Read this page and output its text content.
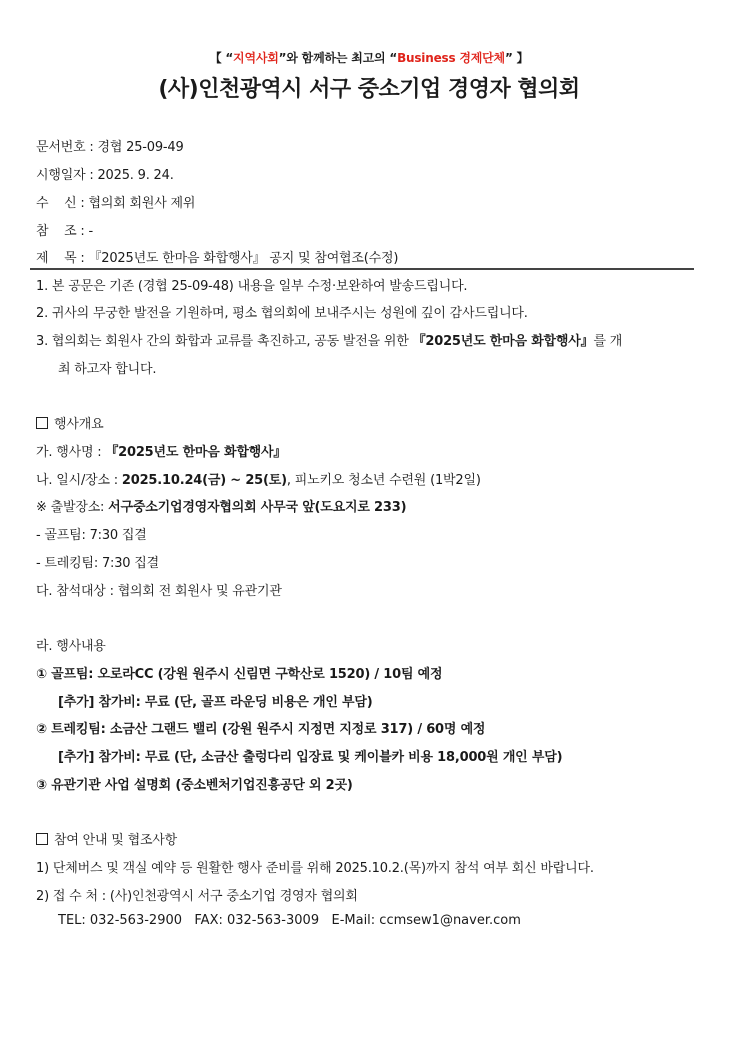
【 “지역사회”와 함께하는 최고의 “Business 경제단체” 】
(사)인천광역시 서구 중소기업 경영자 협의회
문서번호 : 경협 25-09-49
시행일자 : 2025. 9. 24.
수    신 : 협의회 회원사 제위
참    조 : -
제    목 : 『2025년도 한마음 화합행사』 공지 및 참여협조(수정)
1. 본 공문은 기존 (경협 25-09-48) 내용을 일부 수정·보완하여 발송드립니다.
2. 귀사의 무궁한 발전을 기원하며, 평소 협의회에 보내주시는 성원에 깊이 감사드립니다.
3. 협의회는 회원사 간의 화합과 교류를 촉진하고, 공동 발전을 위한 『2025년도 한마음 화합행사』를 개
최 하고자 합니다.
행사개요
가. 행사명 : 『2025년도 한마음 화합행사』
나. 일시/장소 : 2025.10.24(금) ~ 25(토), 피노키오 청소년 수련원 (1박2일)
※ 출발장소: 서구중소기업경영자협의회 사무국 앞(도요지로 233)
- 골프팀: 7:30 집결
- 트레킹팀: 7:30 집결
다. 참석대상 : 협의회 전 회원사 및 유관기관
라. 행사내용
① 골프팀: 오로라CC (강원 원주시 신림면 구학산로 1520) / 10팀 예정
[추가] 참가비: 무료 (단, 골프 라운딩 비용은 개인 부담)
② 트레킹팀: 소금산 그랜드 밸리 (강원 원주시 지정면 지정로 317) / 60명 예정
[추가] 참가비: 무료 (단, 소금산 출렁다리 입장료 및 케이블카 비용 18,000원 개인 부담)
③ 유관기관 사업 설명회 (중소벤처기업진흥공단 외 2곳)
참여 안내 및 협조사항
1) 단체버스 및 객실 예약 등 원활한 행사 준비를 위해 2025.10.2.(목)까지 참석 여부 회신 바랍니다.
2) 접 수 처 : (사)인천광역시 서구 중소기업 경영자 협의회
TEL: 032-563-2900   FAX: 032-563-3009   E-Mail: ccmsew1@naver.com
